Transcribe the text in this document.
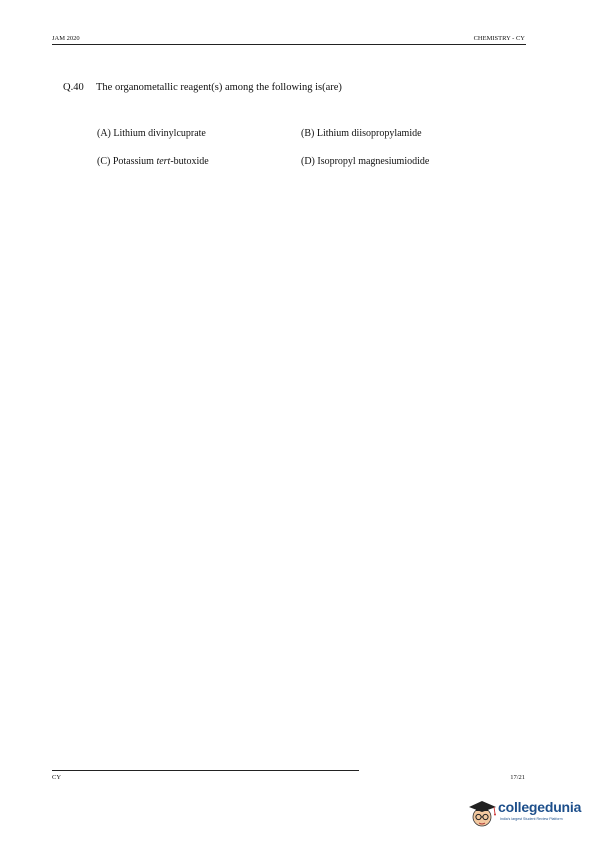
JAM 2020	CHEMISTRY - CY
Q.40 The organometallic reagent(s) among the following is(are)
(A) Lithium divinylcuprate	(B) Lithium diisopropylamide
(C) Potassium tert-butoxide	(D) Isopropyl magnesiumiodide
CY	17/21
collegedunia
India's largest Student Review Platform
